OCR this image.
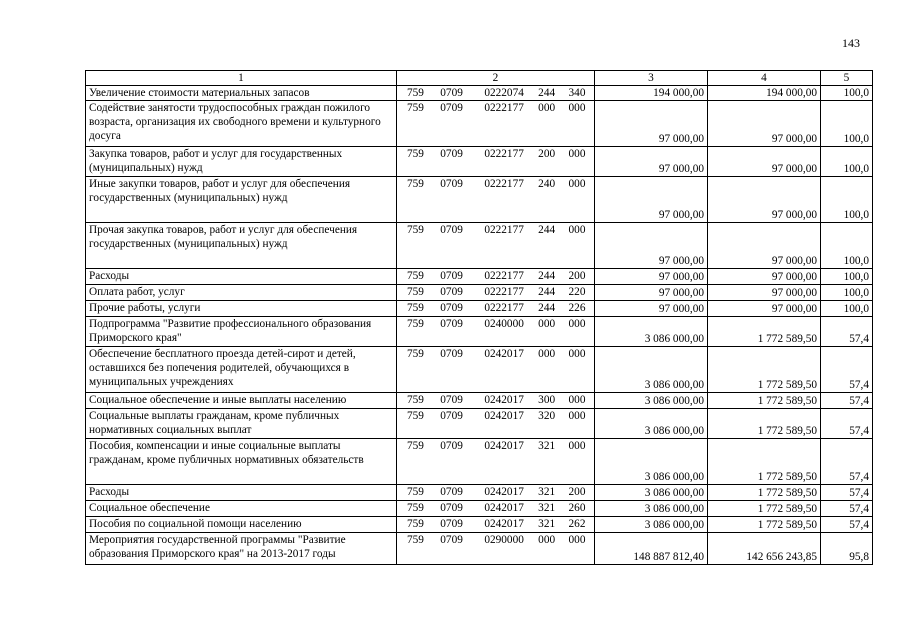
143
1	2	3	4	5
Увеличение стоимости материальных запасов	759 0709 0222074 244 340	194 000,00	194 000,00	100,0
Содействие занятости трудоспособных граждан пожилого возраста, организация их свободного времени и культурного досуга	759 0709 0222177 000 000	97 000,00	97 000,00	100,0
Закупка товаров, работ и услуг для государственных (муниципальных) нужд	759 0709 0222177 200 000	97 000,00	97 000,00	100,0
Иные закупки товаров, работ и услуг для обеспечения государственных (муниципальных) нужд	759 0709 0222177 240 000	97 000,00	97 000,00	100,0
Прочая закупка товаров, работ и услуг для обеспечения государственных (муниципальных) нужд	759 0709 0222177 244 000	97 000,00	97 000,00	100,0
Расходы	759 0709 0222177 244 200	97 000,00	97 000,00	100,0
Оплата работ, услуг	759 0709 0222177 244 220	97 000,00	97 000,00	100,0
Прочие работы, услуги	759 0709 0222177 244 226	97 000,00	97 000,00	100,0
Подпрограмма "Развитие профессионального образования Приморского края"	759 0709 0240000 000 000	3 086 000,00	1 772 589,50	57,4
Обеспечение бесплатного проезда детей-сирот и детей, оставшихся без попечения родителей, обучающихся в муниципальных учреждениях	759 0709 0242017 000 000	3 086 000,00	1 772 589,50	57,4
Социальное обеспечение и иные выплаты населению	759 0709 0242017 300 000	3 086 000,00	1 772 589,50	57,4
Социальные выплаты гражданам, кроме публичных нормативных социальных выплат	759 0709 0242017 320 000	3 086 000,00	1 772 589,50	57,4
Пособия, компенсации и иные социальные выплаты гражданам, кроме публичных нормативных обязательств	759 0709 0242017 321 000	3 086 000,00	1 772 589,50	57,4
Расходы	759 0709 0242017 321 200	3 086 000,00	1 772 589,50	57,4
Социальное обеспечение	759 0709 0242017 321 260	3 086 000,00	1 772 589,50	57,4
Пособия по социальной помощи населению	759 0709 0242017 321 262	3 086 000,00	1 772 589,50	57,4
Мероприятия государственной программы "Развитие образования Приморского края" на 2013-2017 годы	759 0709 0290000 000 000	148 887 812,40	142 656 243,85	95,8
